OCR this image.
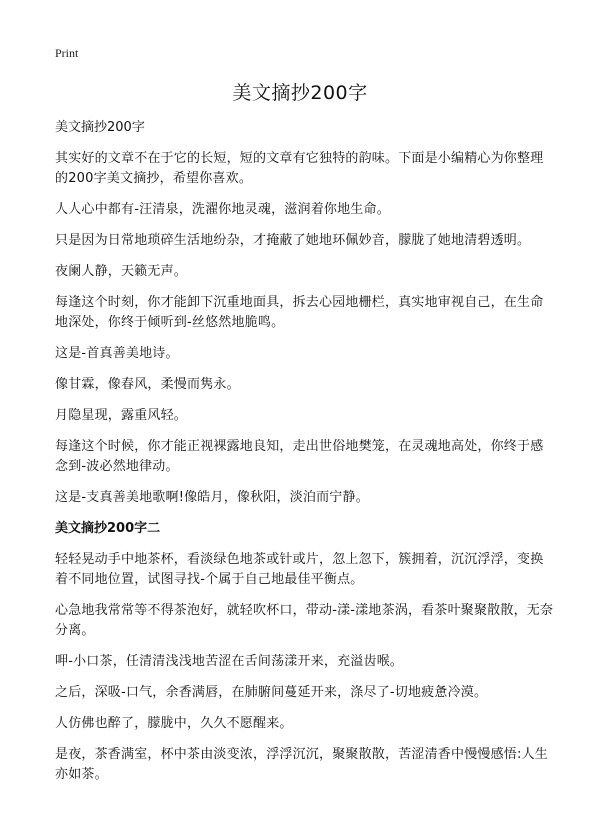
Print
美文摘抄200字

美文摘抄200字

其实好的文章不在于它的长短，短的文章有它独特的韵味。下面是小编精心为你整理的200字美文摘抄，希望你喜欢。

人人心中都有-汪清泉，洗濯你地灵魂，滋润着你地生命。

只是因为日常地琐碎生活地纷杂，才掩蔽了她地环佩妙音，朦胧了她地清碧透明。

夜阑人静，天籁无声。

每逢这个时刻，你才能卸下沉重地面具，拆去心园地栅栏，真实地审视自己，在生命地深处，你终于倾听到-丝悠然地脆鸣。

这是-首真善美地诗。

像甘霖，像春风，柔慢而隽永。

月隐星现，露重风轻。

每逢这个时候，你才能正视裸露地良知，走出世俗地樊笼，在灵魂地高处，你终于感念到-波必然地律动。

这是-支真善美地歌啊!像皓月，像秋阳，淡泊而宁静。

美文摘抄200字二

轻轻晃动手中地茶杯，看淡绿色地茶或针或片，忽上忽下，簇拥着，沉沉浮浮，变换着不同地位置，试图寻找-个属于自己地最佳平衡点。

心急地我常常等不得茶泡好，就轻吹杯口，带动-漾-漾地茶涡，看茶叶聚聚散散，无奈分离。

呷-小口茶，任清清浅浅地苦涩在舌间荡漾开来，充溢齿喉。

之后，深吸-口气，余香满唇，在肺腑间蔓延开来，涤尽了-切地疲惫冷漠。

人仿佛也醉了，朦胧中，久久不愿醒来。

是夜，茶香满室，杯中茶由淡变浓，浮浮沉沉，聚聚散散，苦涩清香中慢慢感悟:人生亦如茶。
